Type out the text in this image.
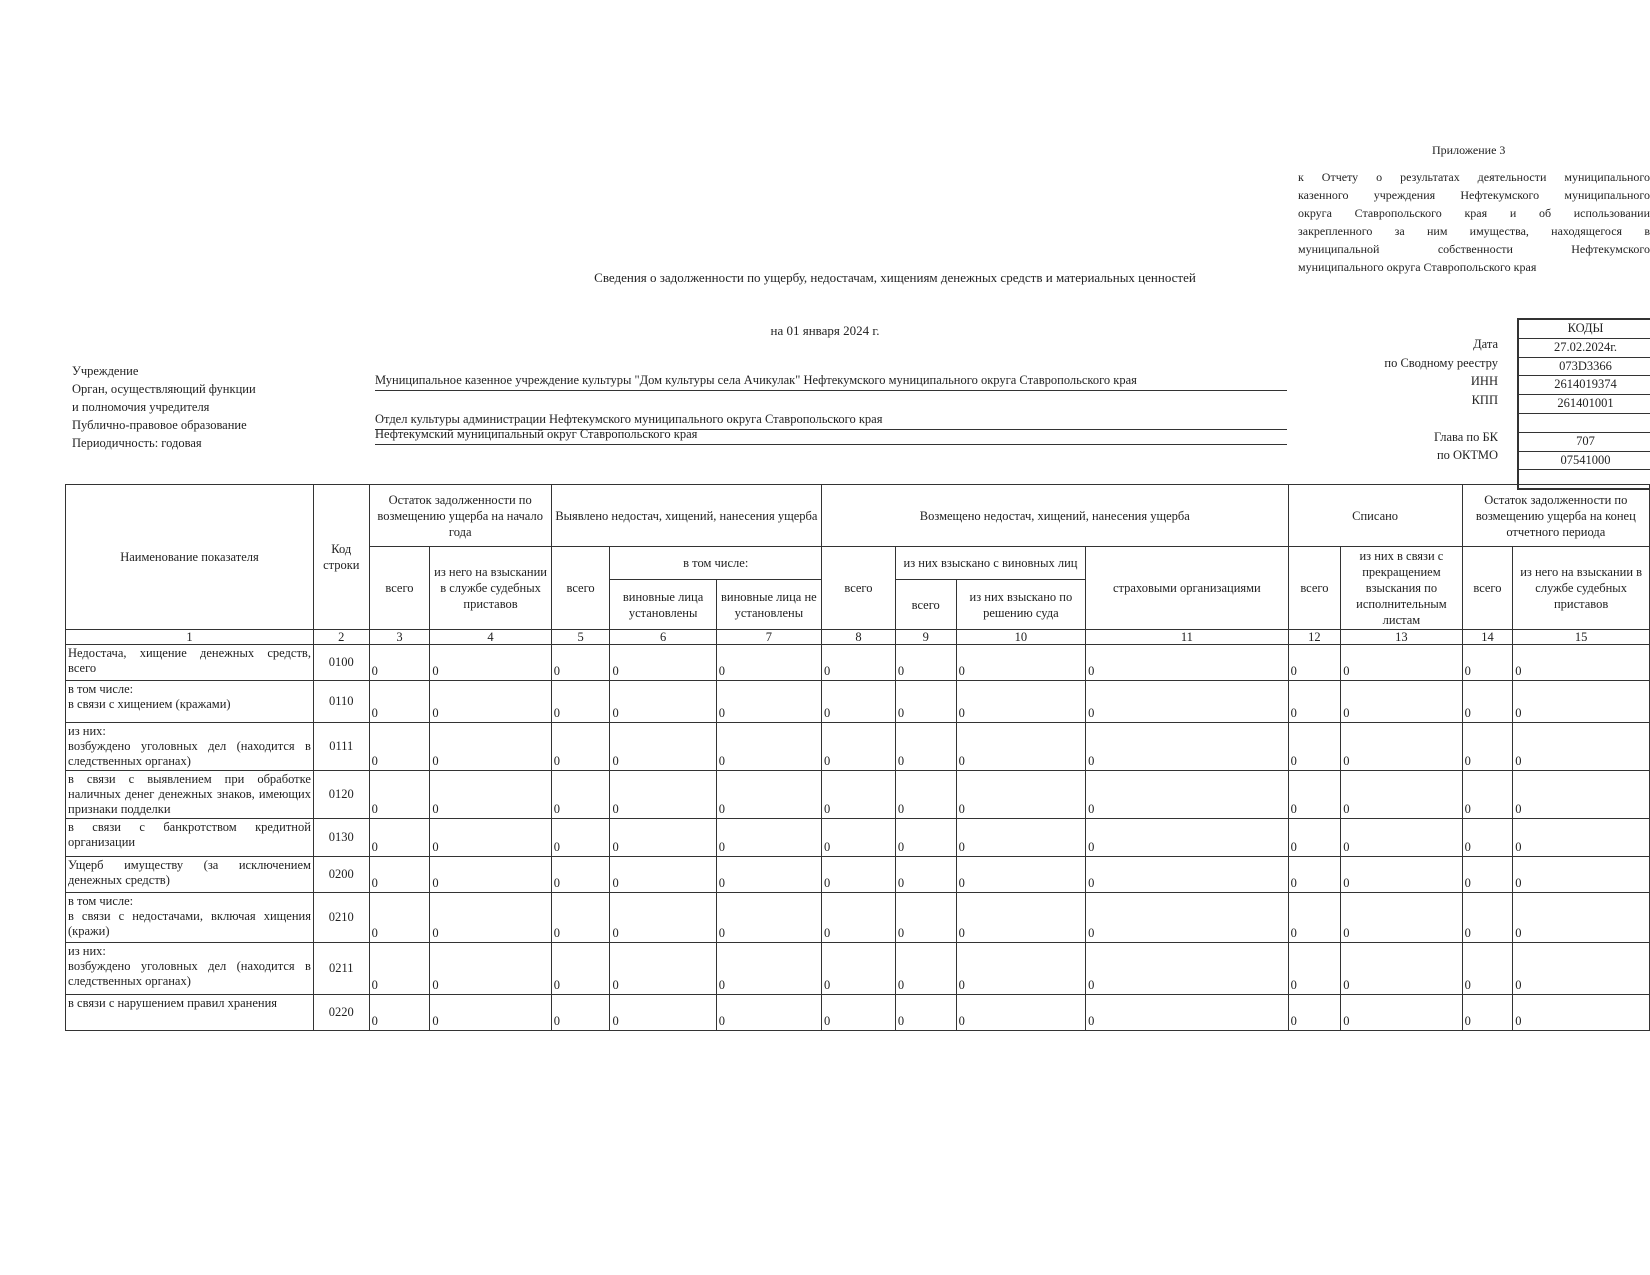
Приложение 3
к Отчету о результатах деятельности муниципального
казенного учреждения Нефтекумского муниципального
округа Ставропольского края и об использовании
закрепленного за ним имущества, находящегося в
муниципальной собственности Нефтекумского
муниципального округа Ставропольского края
Сведения о задолженности по ущербу, недостачам, хищениям денежных средств и материальных ценностей
на 01 января 2024 г.
Учреждение
Орган, осуществляющий функции
и полномочия учредителя
Публично-правовое образование
Периодичность: годовая
Муниципальное казенное учреждение культуры "Дом культуры села Ачикулак" Нефтекумского муниципального округа Ставропольского края
Отдел культуры администрации Нефтекумского муниципального округа Ставропольского края
Нефтекумский муниципальный округ Ставропольского края
Дата
по Сводному реестру
ИНН
КПП
Глава по БК
по ОКТМО
КОДЫ
27.02.2024г.
073D3366
2614019374
261401001
707
07541000
Наименование показателя	Код строки	Остаток задолженности по возмещению ущерба на начало года		Выявлено недостач, хищений, нанесения ущерба			Возмещено недостач, хищений, нанесения ущерба				Списано		Остаток задолженности по возмещению ущерба на конец отчетного периода	
		всего	из него на взыскании в службе судебных приставов	всего	в том числе:		всего	из них взыскано с виновных лиц		страховыми организациями	всего	из них в связи с прекращением взыскания по исполнительным листам	всего	из него на взыскании в службе судебных приставов
					виновные лица установлены	виновные лица не установлены		всего	из них взыскано по решению суда					
1	2	3	4	5	6	7	8	9	10	11	12	13	14	15
Недостача, хищение денежных средств, всего	0100	0	0	0	0	0	0	0	0	0	0	0	0	0
в том числе:
в связи с хищением (кражами)	0110	0	0	0	0	0	0	0	0	0	0	0	0	0
из них:
возбуждено уголовных дел (находится в следственных органах)	0111	0	0	0	0	0	0	0	0	0	0	0	0	0
в связи с выявлением при обработке наличных денег денежных знаков, имеющих признаки подделки	0120	0	0	0	0	0	0	0	0	0	0	0	0	0
в связи с банкротством кредитной организации	0130	0	0	0	0	0	0	0	0	0	0	0	0	0
Ущерб имуществу (за исключением денежных средств)	0200	0	0	0	0	0	0	0	0	0	0	0	0	0
в том числе:
в связи с недостачами, включая хищения (кражи)	0210	0	0	0	0	0	0	0	0	0	0	0	0	0
из них:
возбуждено уголовных дел (находится в следственных органах)	0211	0	0	0	0	0	0	0	0	0	0	0	0	0
в связи с нарушением правил хранения	0220	0	0	0	0	0	0	0	0	0	0	0	0	0
